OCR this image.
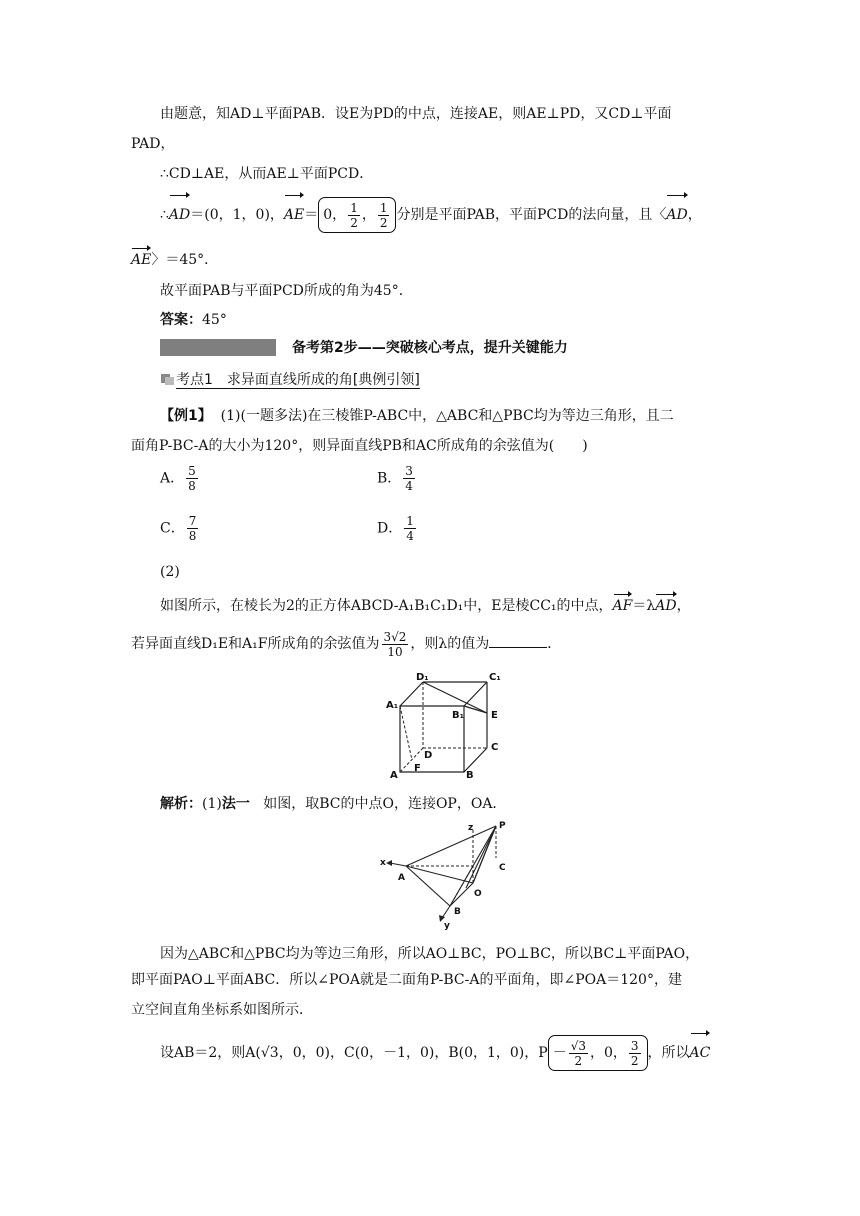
由题意，知AD⊥平面PAB．设E为PD的中点，连接AE，则AE⊥PD，又CD⊥平面
PAD，
∴CD⊥AE，从而AE⊥平面PCD．
∴AD＝(0，1，0)，AE＝ 0， $\frac{1}{2}$ ， $\frac{1}{2}$ 分别是平面PAB，平面PCD的法向量，且〈AD，
AE〉＝45°．
故平面PAB与平面PCD所成的角为45°．
答案：45°
备考第2步——突破核心考点，提升关键能力
考点1　求异面直线所成的角[典例引领]
【例1】 (1)(一题多法)在三棱锥P-ABC中，△ABC和△PBC均为等边三角形，且二
面角P-BC-A的大小为120°，则异面直线PB和AC所成角的余弦值为(　　)
A． $\frac{5}{8}$	B． $\frac{3}{4}$
C． $\frac{7}{8}$	D． $\frac{1}{4}$
(2)
如图所示，在棱长为2的正方体ABCD-A₁B₁C₁D₁中，E是棱CC₁的中点，AF＝λAD，
若异面直线D₁E和A₁F所成角的余弦值为 $\frac{3√2}{10}$ ，则λ的值为	．
D₁	C₁
A₁
B₁	E
D
C
F
A	B
解析：(1)法一 如图，取BC的中点O，连接OP，OA．
z	P
x
A
C
O
B
y
因为△ABC和△PBC均为等边三角形，所以AO⊥BC，PO⊥BC，所以BC⊥平面PAO，
即平面PAO⊥平面ABC．所以∠POA就是二面角P-BC-A的平面角，即∠POA＝120°，建
立空间直角坐标系如图所示．
设AB＝2，则A(√3，0，0)，C(0，－1，0)，B(0，1，0)，$P - \frac{√3}{2}$ ，0， $\frac{3}{2}$ ，所以AC
